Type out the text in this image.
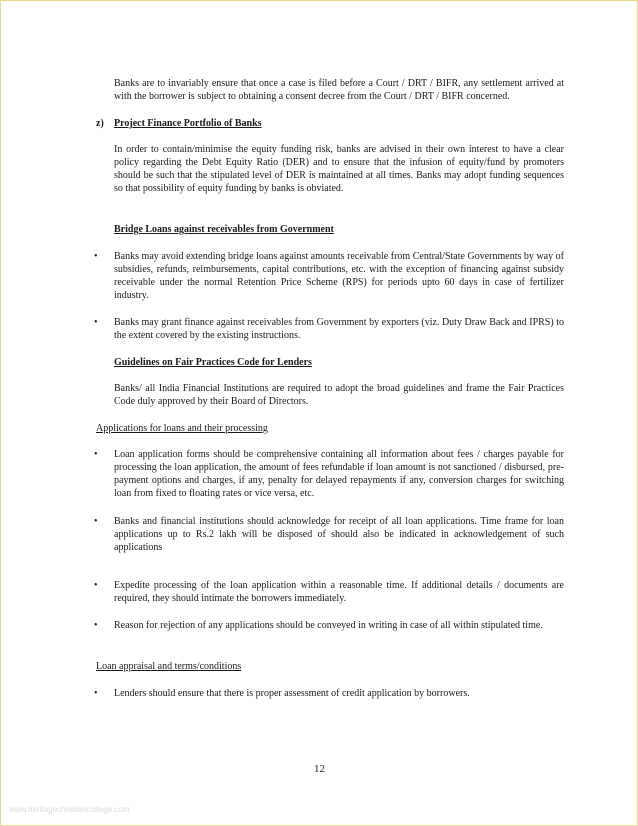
Banks are to invariably ensure that once a case is filed before a Court / DRT / BIFR, any settlement arrived at with the borrower is subject to obtaining a consent decree from the Court / DRT / BIFR concerned.
z) Project Finance Portfolio of Banks
In order to contain/minimise the equity funding risk, banks are advised in their own interest to have a clear policy regarding the Debt Equity Ratio (DER) and to ensure that the infusion of equity/fund by promoters should be such that the stipulated level of DER is maintained at all times. Banks may adopt funding sequences so that possibility of equity funding by banks is obviated.
Bridge Loans against receivables from Government
• Banks may avoid extending bridge loans against amounts receivable from Central/State Governments by way of subsidies, refunds, reimbursements, capital contributions, etc. with the exception of financing against subsidy receivable under the normal Retention Price Scheme (RPS) for periods upto 60 days in case of fertilizer industry.
• Banks may grant finance against receivables from Government by exporters (viz. Duty Draw Back and IPRS) to the extent covered by the existing instructions.
Guidelines on Fair Practices Code for Lenders
Banks/ all India Financial Institutions are required to adopt the broad guidelines and frame the Fair Practices Code duly approved by their Board of Directors.
Applications for loans and their processing
• Loan application forms should be comprehensive containing all information about fees / charges payable for processing the loan application, the amount of fees refundable if loan amount is not sanctioned / disbursed, pre-payment options and charges, if any, penalty for delayed repayments if any, conversion charges for switching loan from fixed to floating rates or vice versa, etc.
• Banks and financial institutions should acknowledge for receipt of all loan applications. Time frame for loan applications up to Rs.2 lakh will be disposed of should also be indicated in acknowledgement of such applications
• Expedite processing of the loan application within a reasonable time. If additional details / documents are required, they should intimate the borrowers immediately.
• Reason for rejection of any applications should be conveyed in writing in case of all within stipulated time.
Loan appraisal and terms/conditions
• Lenders should ensure that there is proper assessment of credit application by borrowers.
12
www.heritagechristiancollege.com
